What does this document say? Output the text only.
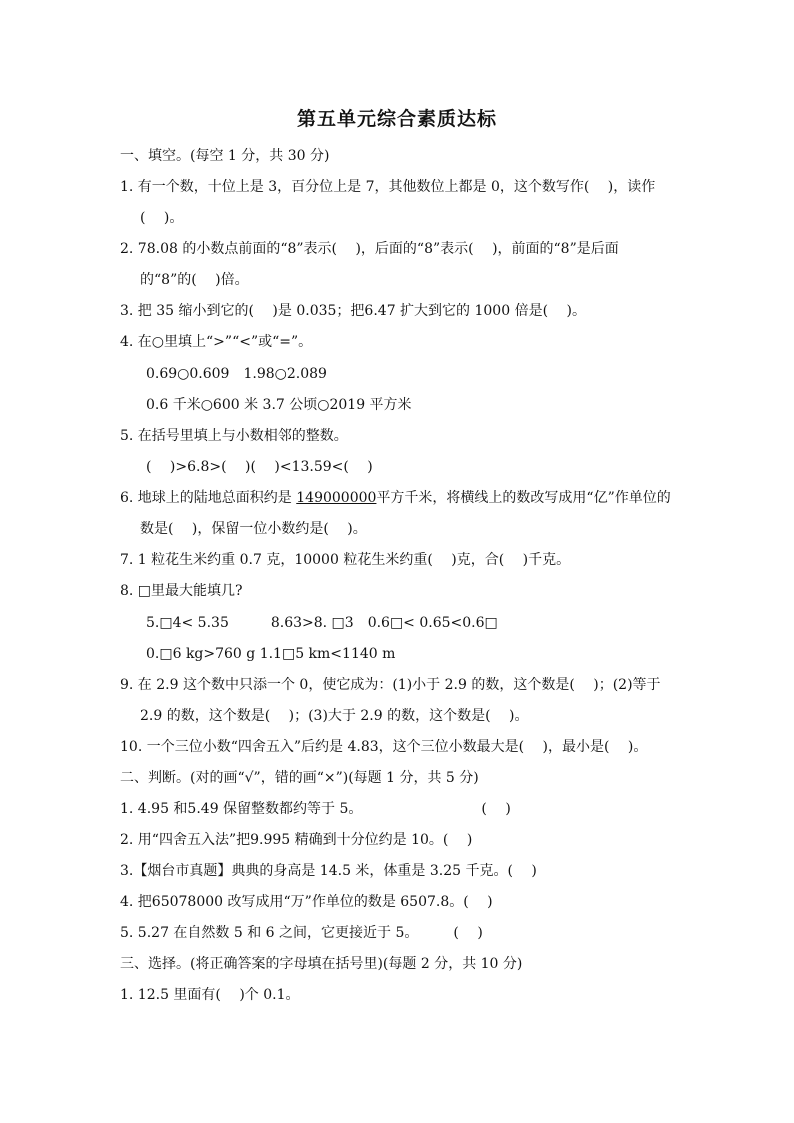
第五单元综合素质达标
一、填空。(每空 1 分，共 30 分)
1. 有一个数，十位上是 3，百分位上是 7，其他数位上都是 0，这个数写作(　 )，读作
(　 )。
2. 78.08 的小数点前面的“8”表示(　 )，后面的“8”表示(　 )，前面的“8”是后面
的“8”的(　 )倍。
3. 把 35 缩小到它的(　 )是 0.035；把6.47 扩大到它的 1000 倍是(　 )。
4. 在○里填上“>”“<”或“=”。
0.69○0.609　1.98○2.089
0.6 千米○600 米 3.7 公顷○2019 平方米
5. 在括号里填上与小数相邻的整数。
(　 )>6.8>(　 )(　 )<13.59<(　 )
6. 地球上的陆地总面积约是 149000000平方千米，将横线上的数改写成用“亿”作单位的
数是(　 )，保留一位小数约是(　 )。
7. 1 粒花生米约重 0.7 克，10000 粒花生米约重(　 )克，合(　 )千克。
8. □里最大能填几?
5.□4< 5.35　　　8.63>8. □3　0.6□< 0.65<0.6□
0.□6 kg>760 g 1.1□5 km<1140 m
9. 在 2.9 这个数中只添一个 0，使它成为：(1)小于 2.9 的数，这个数是(　 )；(2)等于
2.9 的数，这个数是(　 )；(3)大于 2.9 的数，这个数是(　 )。
10. 一个三位小数“四舍五入”后约是 4.83，这个三位小数最大是(　 )，最小是(　 )。
二、判断。(对的画“√”，错的画“×”)(每题 1 分，共 5 分)
1. 4.95 和5.49 保留整数都约等于 5。　　　　　　　　　(　 )
2. 用“四舍五入法”把9.995 精确到十分位约是 10。(　 )
3.【烟台市真题】典典的身高是 14.5 米，体重是 3.25 千克。(　 )
4. 把65078000 改写成用“万”作单位的数是 6507.8。(　 )
5. 5.27 在自然数 5 和 6 之间，它更接近于 5。　　　(　 )
三、选择。(将正确答案的字母填在括号里)(每题 2 分，共 10 分)
1. 12.5 里面有(　 )个 0.1。
